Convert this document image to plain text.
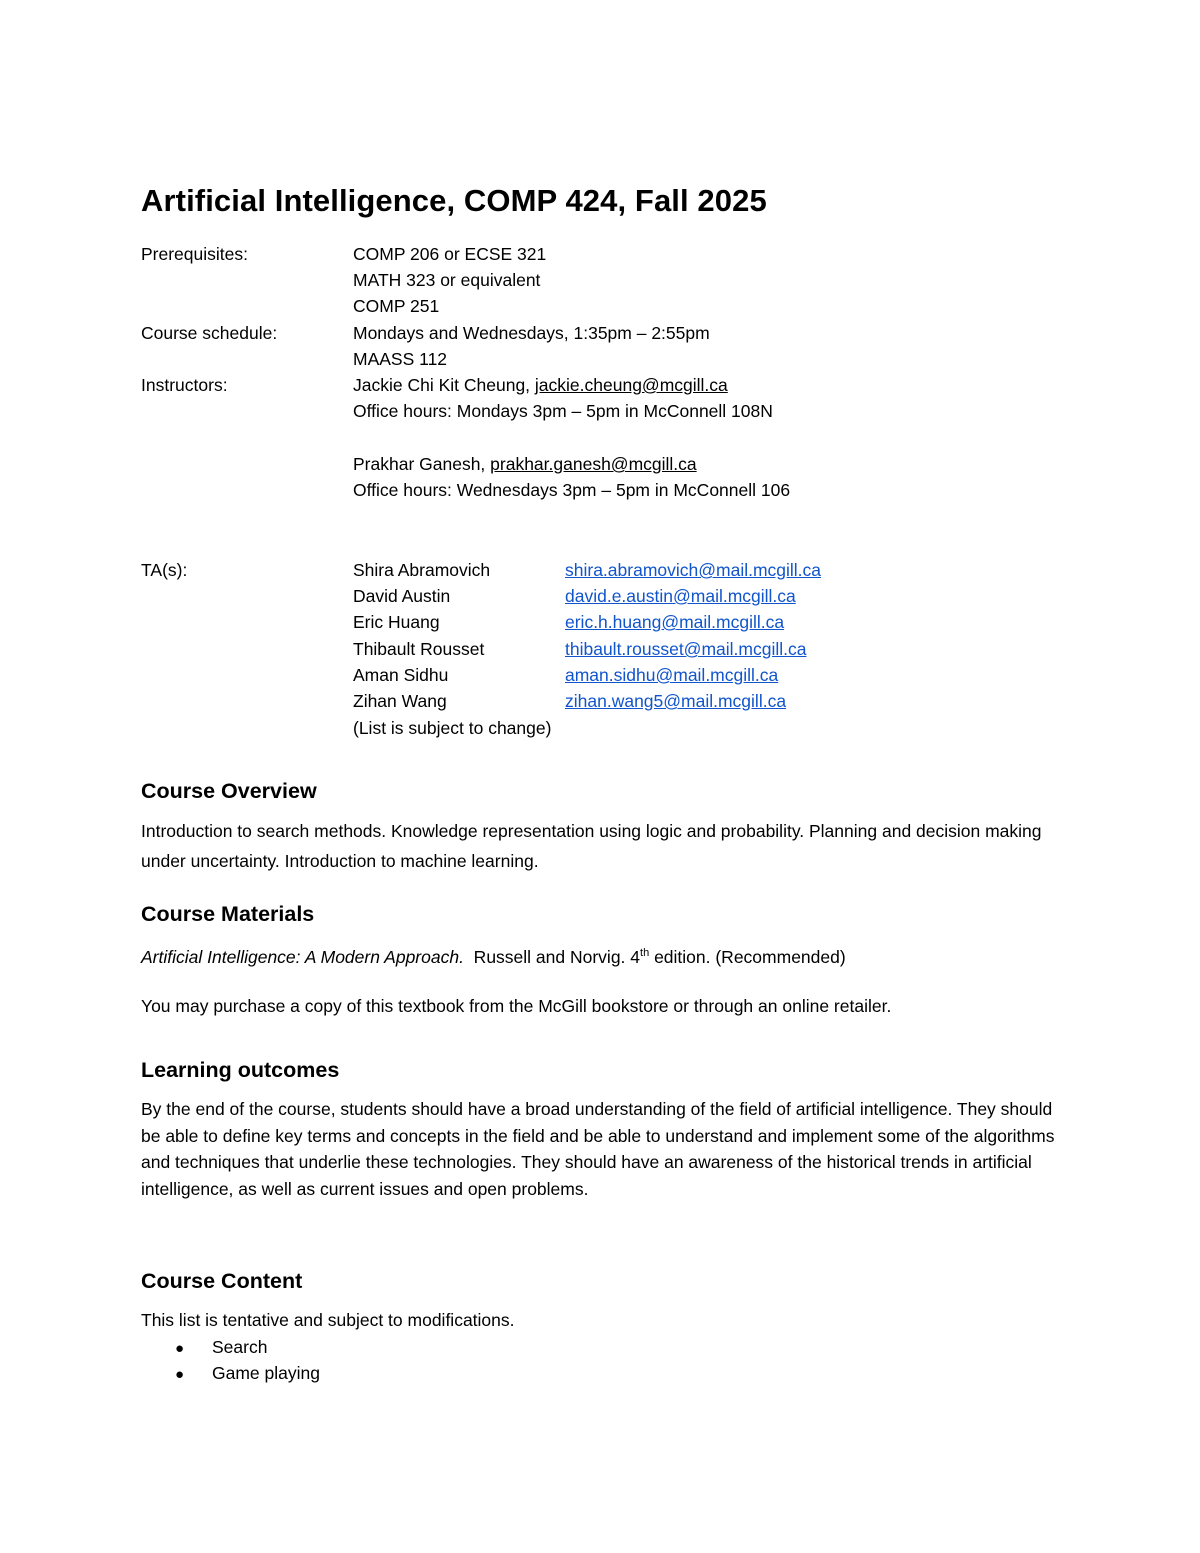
Artificial Intelligence, COMP 424, Fall 2025
Prerequisites:	COMP 206 or ECSE 321
MATH 323 or equivalent
COMP 251
Course schedule:	Mondays and Wednesdays, 1:35pm – 2:55pm
MAASS 112
Instructors:	Jackie Chi Kit Cheung, jackie.cheung@mcgill.ca
Office hours: Mondays 3pm – 5pm in McConnell 108N
Prakhar Ganesh, prakhar.ganesh@mcgill.ca
Office hours: Wednesdays 3pm – 5pm in McConnell 106
TA(s):	Shira Abramovich	shira.abramovich@mail.mcgill.ca
David Austin	david.e.austin@mail.mcgill.ca
Eric Huang	eric.h.huang@mail.mcgill.ca
Thibault Rousset	thibault.rousset@mail.mcgill.ca
Aman Sidhu	aman.sidhu@mail.mcgill.ca
Zihan Wang	zihan.wang5@mail.mcgill.ca
(List is subject to change)
Course Overview
Introduction to search methods. Knowledge representation using logic and probability. Planning and decision making under uncertainty. Introduction to machine learning.
Course Materials
Artificial Intelligence: A Modern Approach.  Russell and Norvig. 4th edition. (Recommended)
You may purchase a copy of this textbook from the McGill bookstore or through an online retailer.
Learning outcomes
By the end of the course, students should have a broad understanding of the field of artificial intelligence. They should be able to define key terms and concepts in the field and be able to understand and implement some of the algorithms and techniques that underlie these technologies. They should have an awareness of the historical trends in artificial intelligence, as well as current issues and open problems.
Course Content
This list is tentative and subject to modifications.
● Search
● Game playing
